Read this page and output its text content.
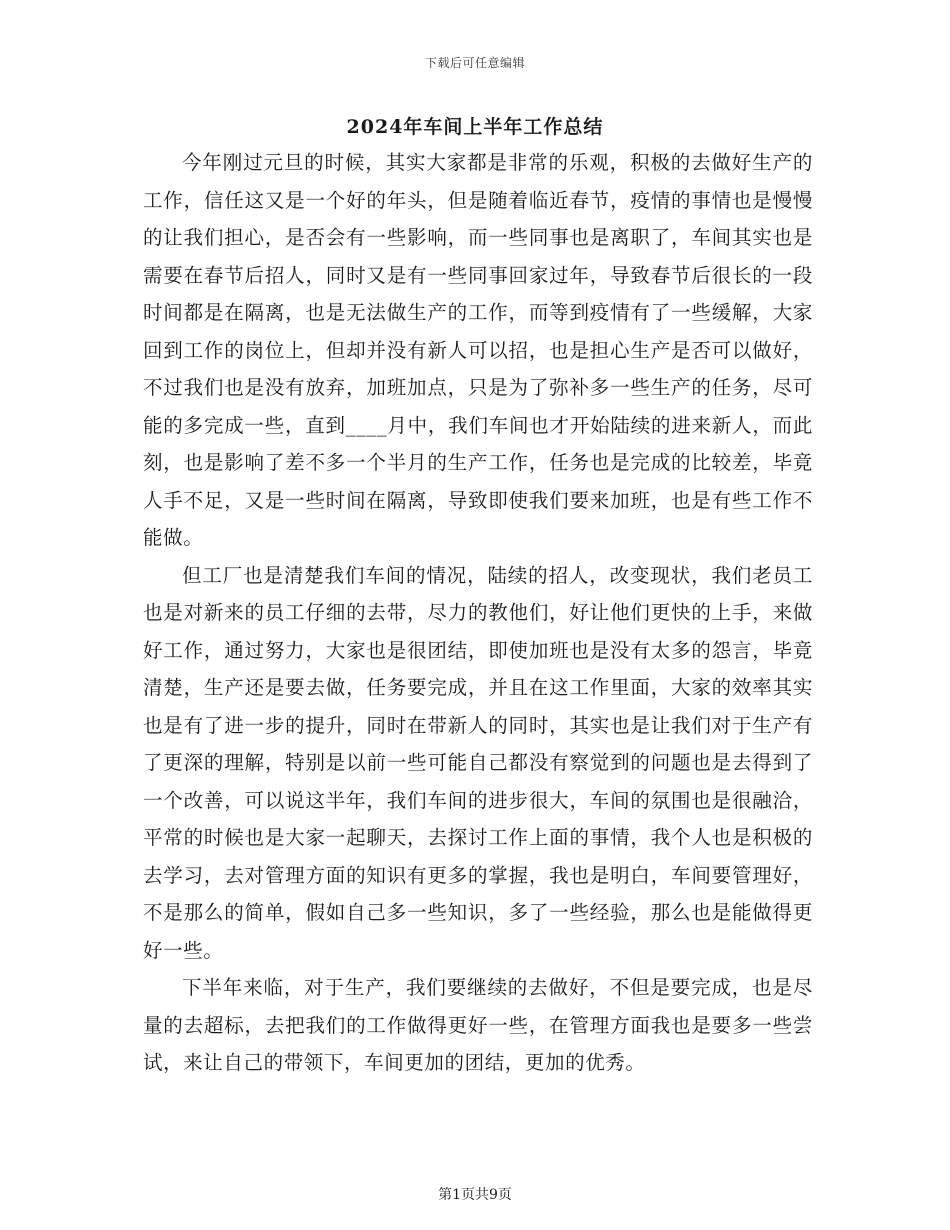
下载后可任意编辑
2024年车间上半年工作总结

今年刚过元旦的时候，其实大家都是非常的乐观，积极的去做好生产的工作，信任这又是一个好的年头，但是随着临近春节，疫情的事情也是慢慢的让我们担心，是否会有一些影响，而一些同事也是离职了，车间其实也是需要在春节后招人，同时又是有一些同事回家过年，导致春节后很长的一段时间都是在隔离，也是无法做生产的工作，而等到疫情有了一些缓解，大家回到工作的岗位上，但却并没有新人可以招，也是担心生产是否可以做好，不过我们也是没有放弃，加班加点，只是为了弥补多一些生产的任务，尽可能的多完成一些，直到____月中，我们车间也才开始陆续的进来新人，而此刻，也是影响了差不多一个半月的生产工作，任务也是完成的比较差，毕竟人手不足，又是一些时间在隔离，导致即使我们要来加班，也是有些工作不能做。

但工厂也是清楚我们车间的情况，陆续的招人，改变现状，我们老员工也是对新来的员工仔细的去带，尽力的教他们，好让他们更快的上手，来做好工作，通过努力，大家也是很团结，即使加班也是没有太多的怨言，毕竟清楚，生产还是要去做，任务要完成，并且在这工作里面，大家的效率其实也是有了进一步的提升，同时在带新人的同时，其实也是让我们对于生产有了更深的理解，特别是以前一些可能自己都没有察觉到的问题也是去得到了一个改善，可以说这半年，我们车间的进步很大，车间的氛围也是很融洽，平常的时候也是大家一起聊天，去探讨工作上面的事情，我个人也是积极的去学习，去对管理方面的知识有更多的掌握，我也是明白，车间要管理好，不是那么的简单，假如自己多一些知识，多了一些经验，那么也是能做得更好一些。

下半年来临，对于生产，我们要继续的去做好，不但是要完成，也是尽量的去超标，去把我们的工作做得更好一些，在管理方面我也是要多一些尝试，来让自己的带领下，车间更加的团结，更加的优秀。

第1页共9页
